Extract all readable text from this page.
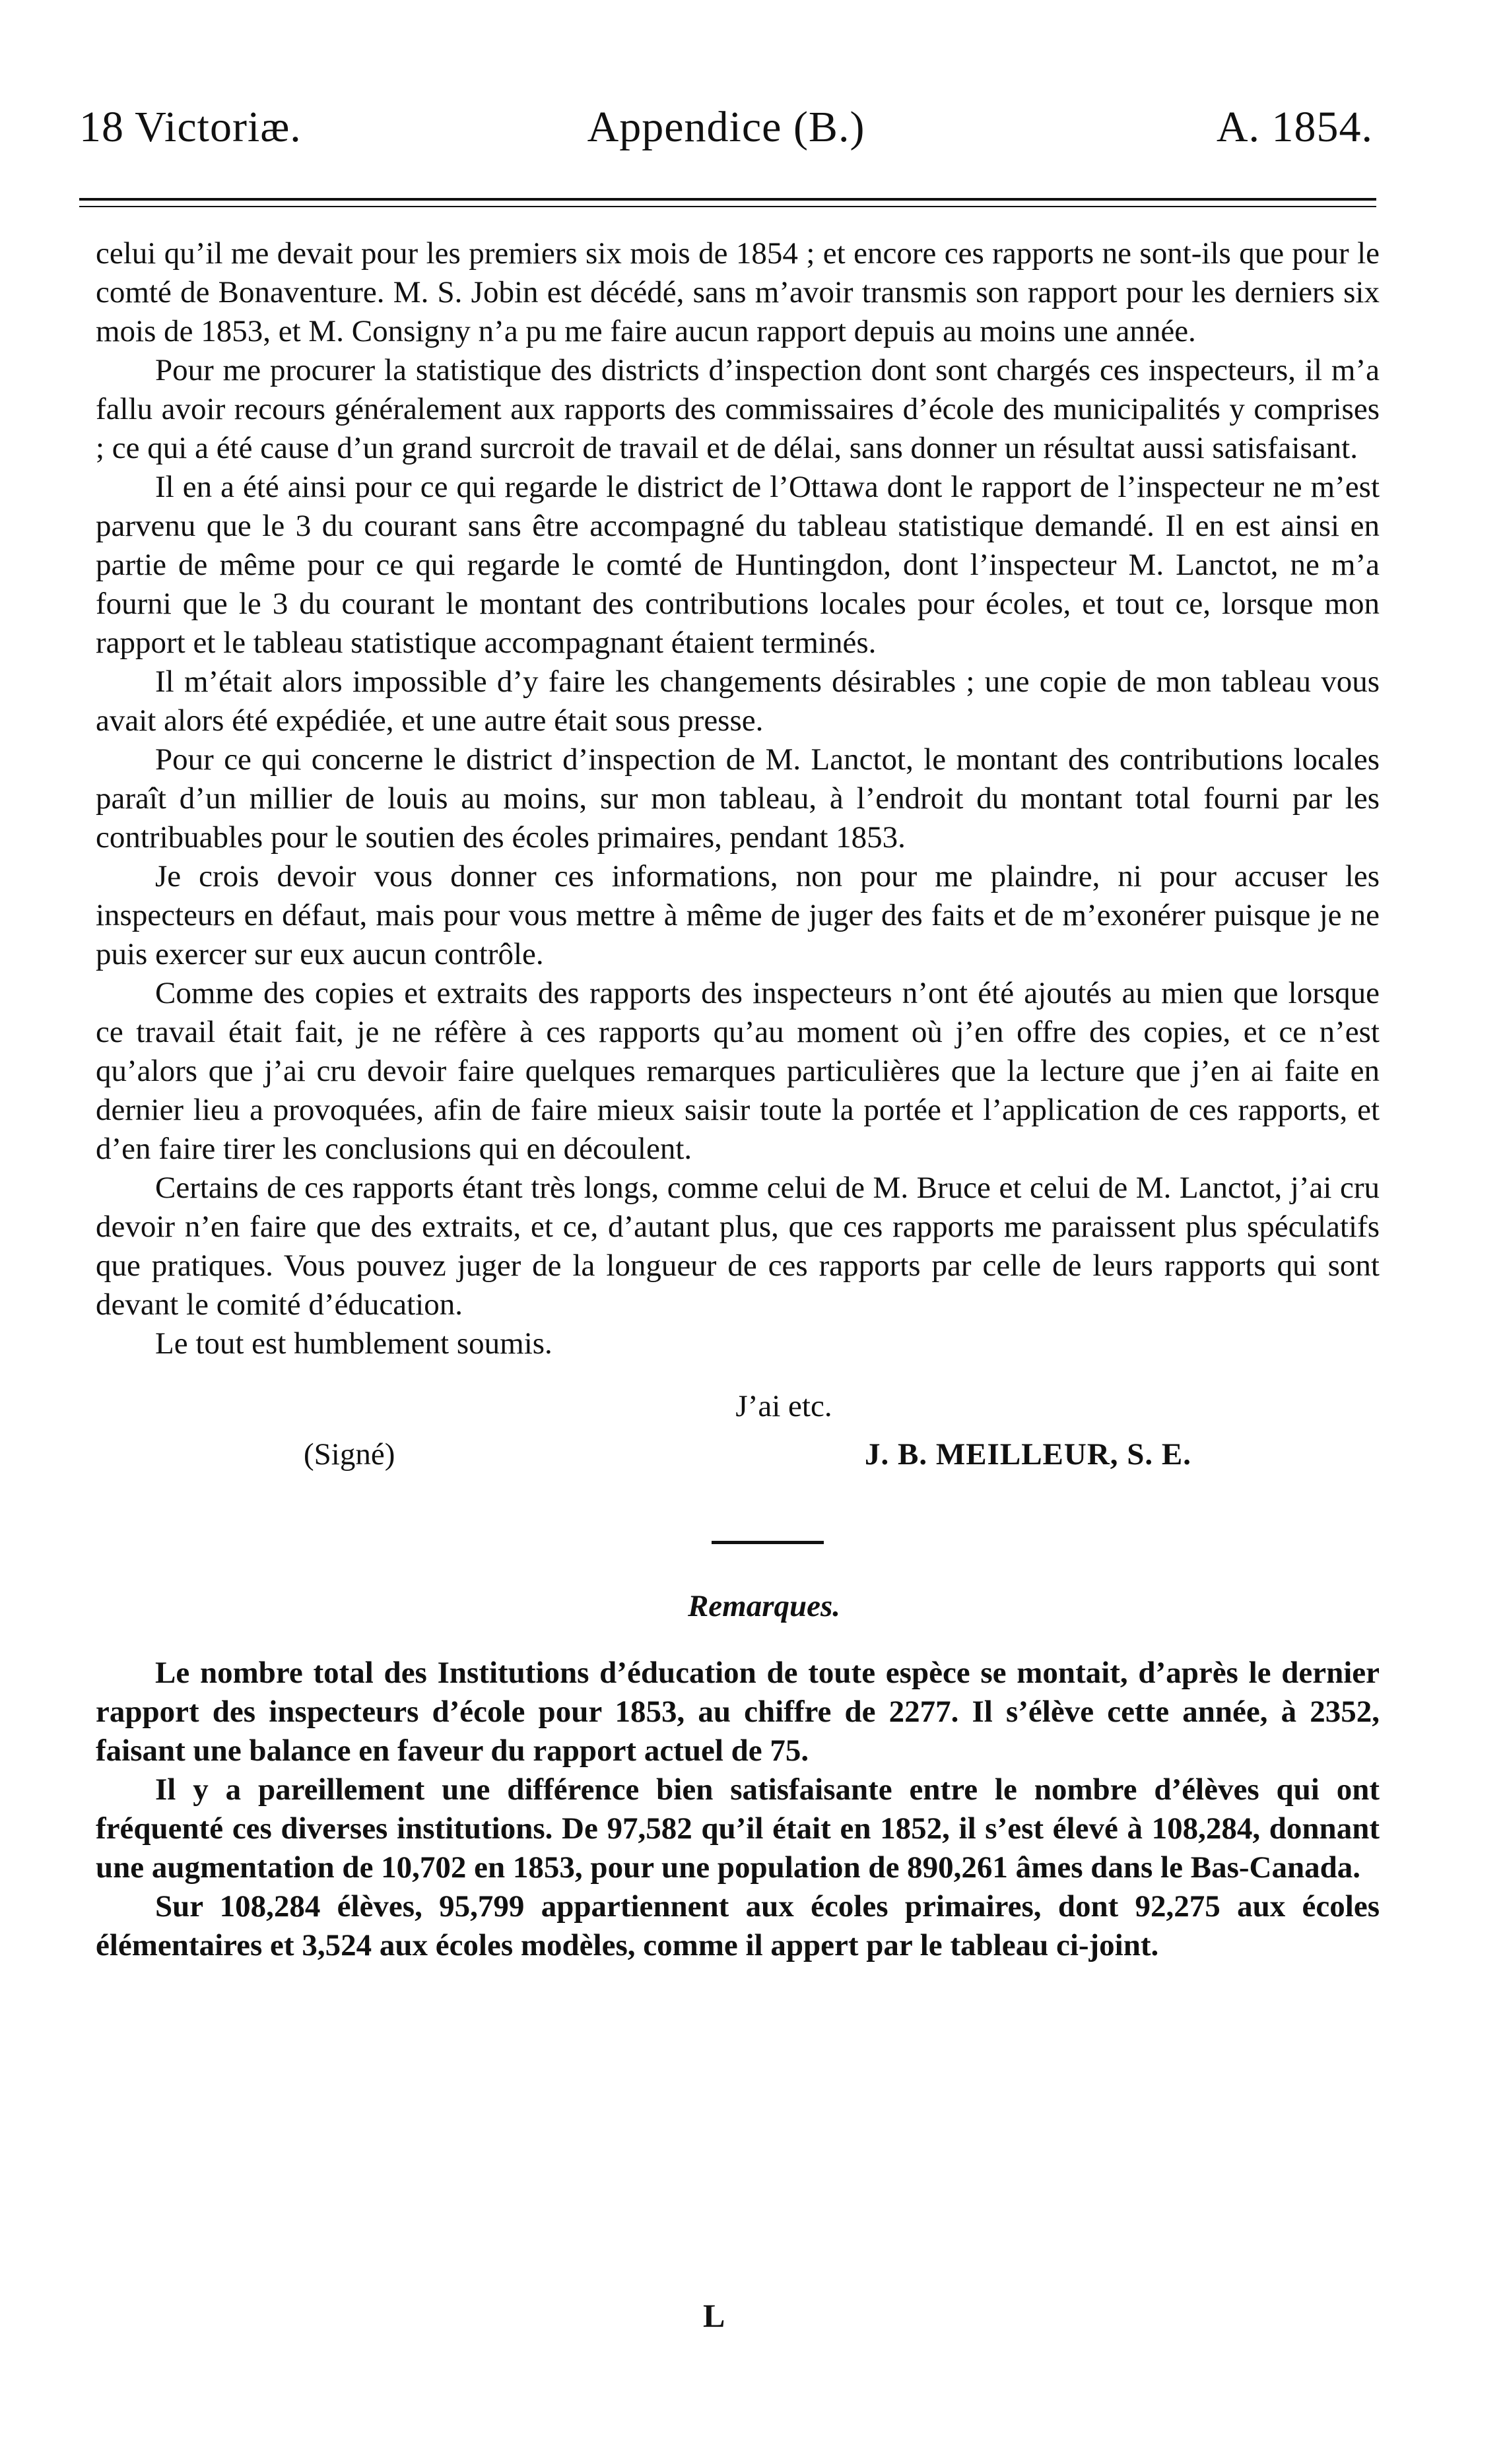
18 Victoriæ.	Appendice (B.)	A. 1854.

celui qu’il me devait pour les premiers six mois de 1854 ; et encore ces rapports ne sont-ils que pour le comté de Bonaventure. M. S. Jobin est décédé, sans m’avoir transmis son rapport pour les derniers six mois de 1853, et M. Consigny n’a pu me faire aucun rapport depuis au moins une année.

Pour me procurer la statistique des districts d’inspection dont sont chargés ces inspecteurs, il m’a fallu avoir recours généralement aux rapports des commissaires d’école des municipalités y comprises ; ce qui a été cause d’un grand surcroit de travail et de délai, sans donner un résultat aussi satisfaisant.

Il en a été ainsi pour ce qui regarde le district de l’Ottawa dont le rapport de l’inspecteur ne m’est parvenu que le 3 du courant sans être accompagné du tableau statistique demandé. Il en est ainsi en partie de même pour ce qui regarde le comté de Huntingdon, dont l’inspecteur M. Lanctot, ne m’a fourni que le 3 du courant le montant des contributions locales pour écoles, et tout ce, lorsque mon rapport et le tableau statistique accompagnant étaient terminés.

Il m’était alors impossible d’y faire les changements désirables ; une copie de mon tableau vous avait alors été expédiée, et une autre était sous presse.

Pour ce qui concerne le district d’inspection de M. Lanctot, le montant des contributions locales paraît d’un millier de louis au moins, sur mon tableau, à l’endroit du montant total fourni par les contribuables pour le soutien des écoles primaires, pendant 1853.

Je crois devoir vous donner ces informations, non pour me plaindre, ni pour accuser les inspecteurs en défaut, mais pour vous mettre à même de juger des faits et de m’exonérer puisque je ne puis exercer sur eux aucun contrôle.

Comme des copies et extraits des rapports des inspecteurs n’ont été ajoutés au mien que lorsque ce travail était fait, je ne réfère à ces rapports qu’au moment où j’en offre des copies, et ce n’est qu’alors que j’ai cru devoir faire quelques remarques particulières que la lecture que j’en ai faite en dernier lieu a provoquées, afin de faire mieux saisir toute la portée et l’application de ces rapports, et d’en faire tirer les conclusions qui en découlent.

Certains de ces rapports étant très longs, comme celui de M. Bruce et celui de M. Lanctot, j’ai cru devoir n’en faire que des extraits, et ce, d’autant plus, que ces rapports me paraissent plus spéculatifs que pratiques. Vous pouvez juger de la longueur de ces rapports par celle de leurs rapports qui sont devant le comité d’éducation.

Le tout est humblement soumis.

J’ai etc.
(Signé)	J. B. MEILLEUR, S. E.
Remarques.

Le nombre total des Institutions d’éducation de toute espèce se montait, d’après le dernier rapport des inspecteurs d’école pour 1853, au chiffre de 2277. Il s’élève cette année, à 2352, faisant une balance en faveur du rapport actuel de 75.

Il y a pareillement une différence bien satisfaisante entre le nombre d’élèves qui ont fréquenté ces diverses institutions. De 97,582 qu’il était en 1852, il s’est élevé à 108,284, donnant une augmentation de 10,702 en 1853, pour une population de 890,261 âmes dans le Bas-Canada.

Sur 108,284 élèves, 95,799 appartiennent aux écoles primaires, dont 92,275 aux écoles élémentaires et 3,524 aux écoles modèles, comme il appert par le tableau ci-joint.

L
